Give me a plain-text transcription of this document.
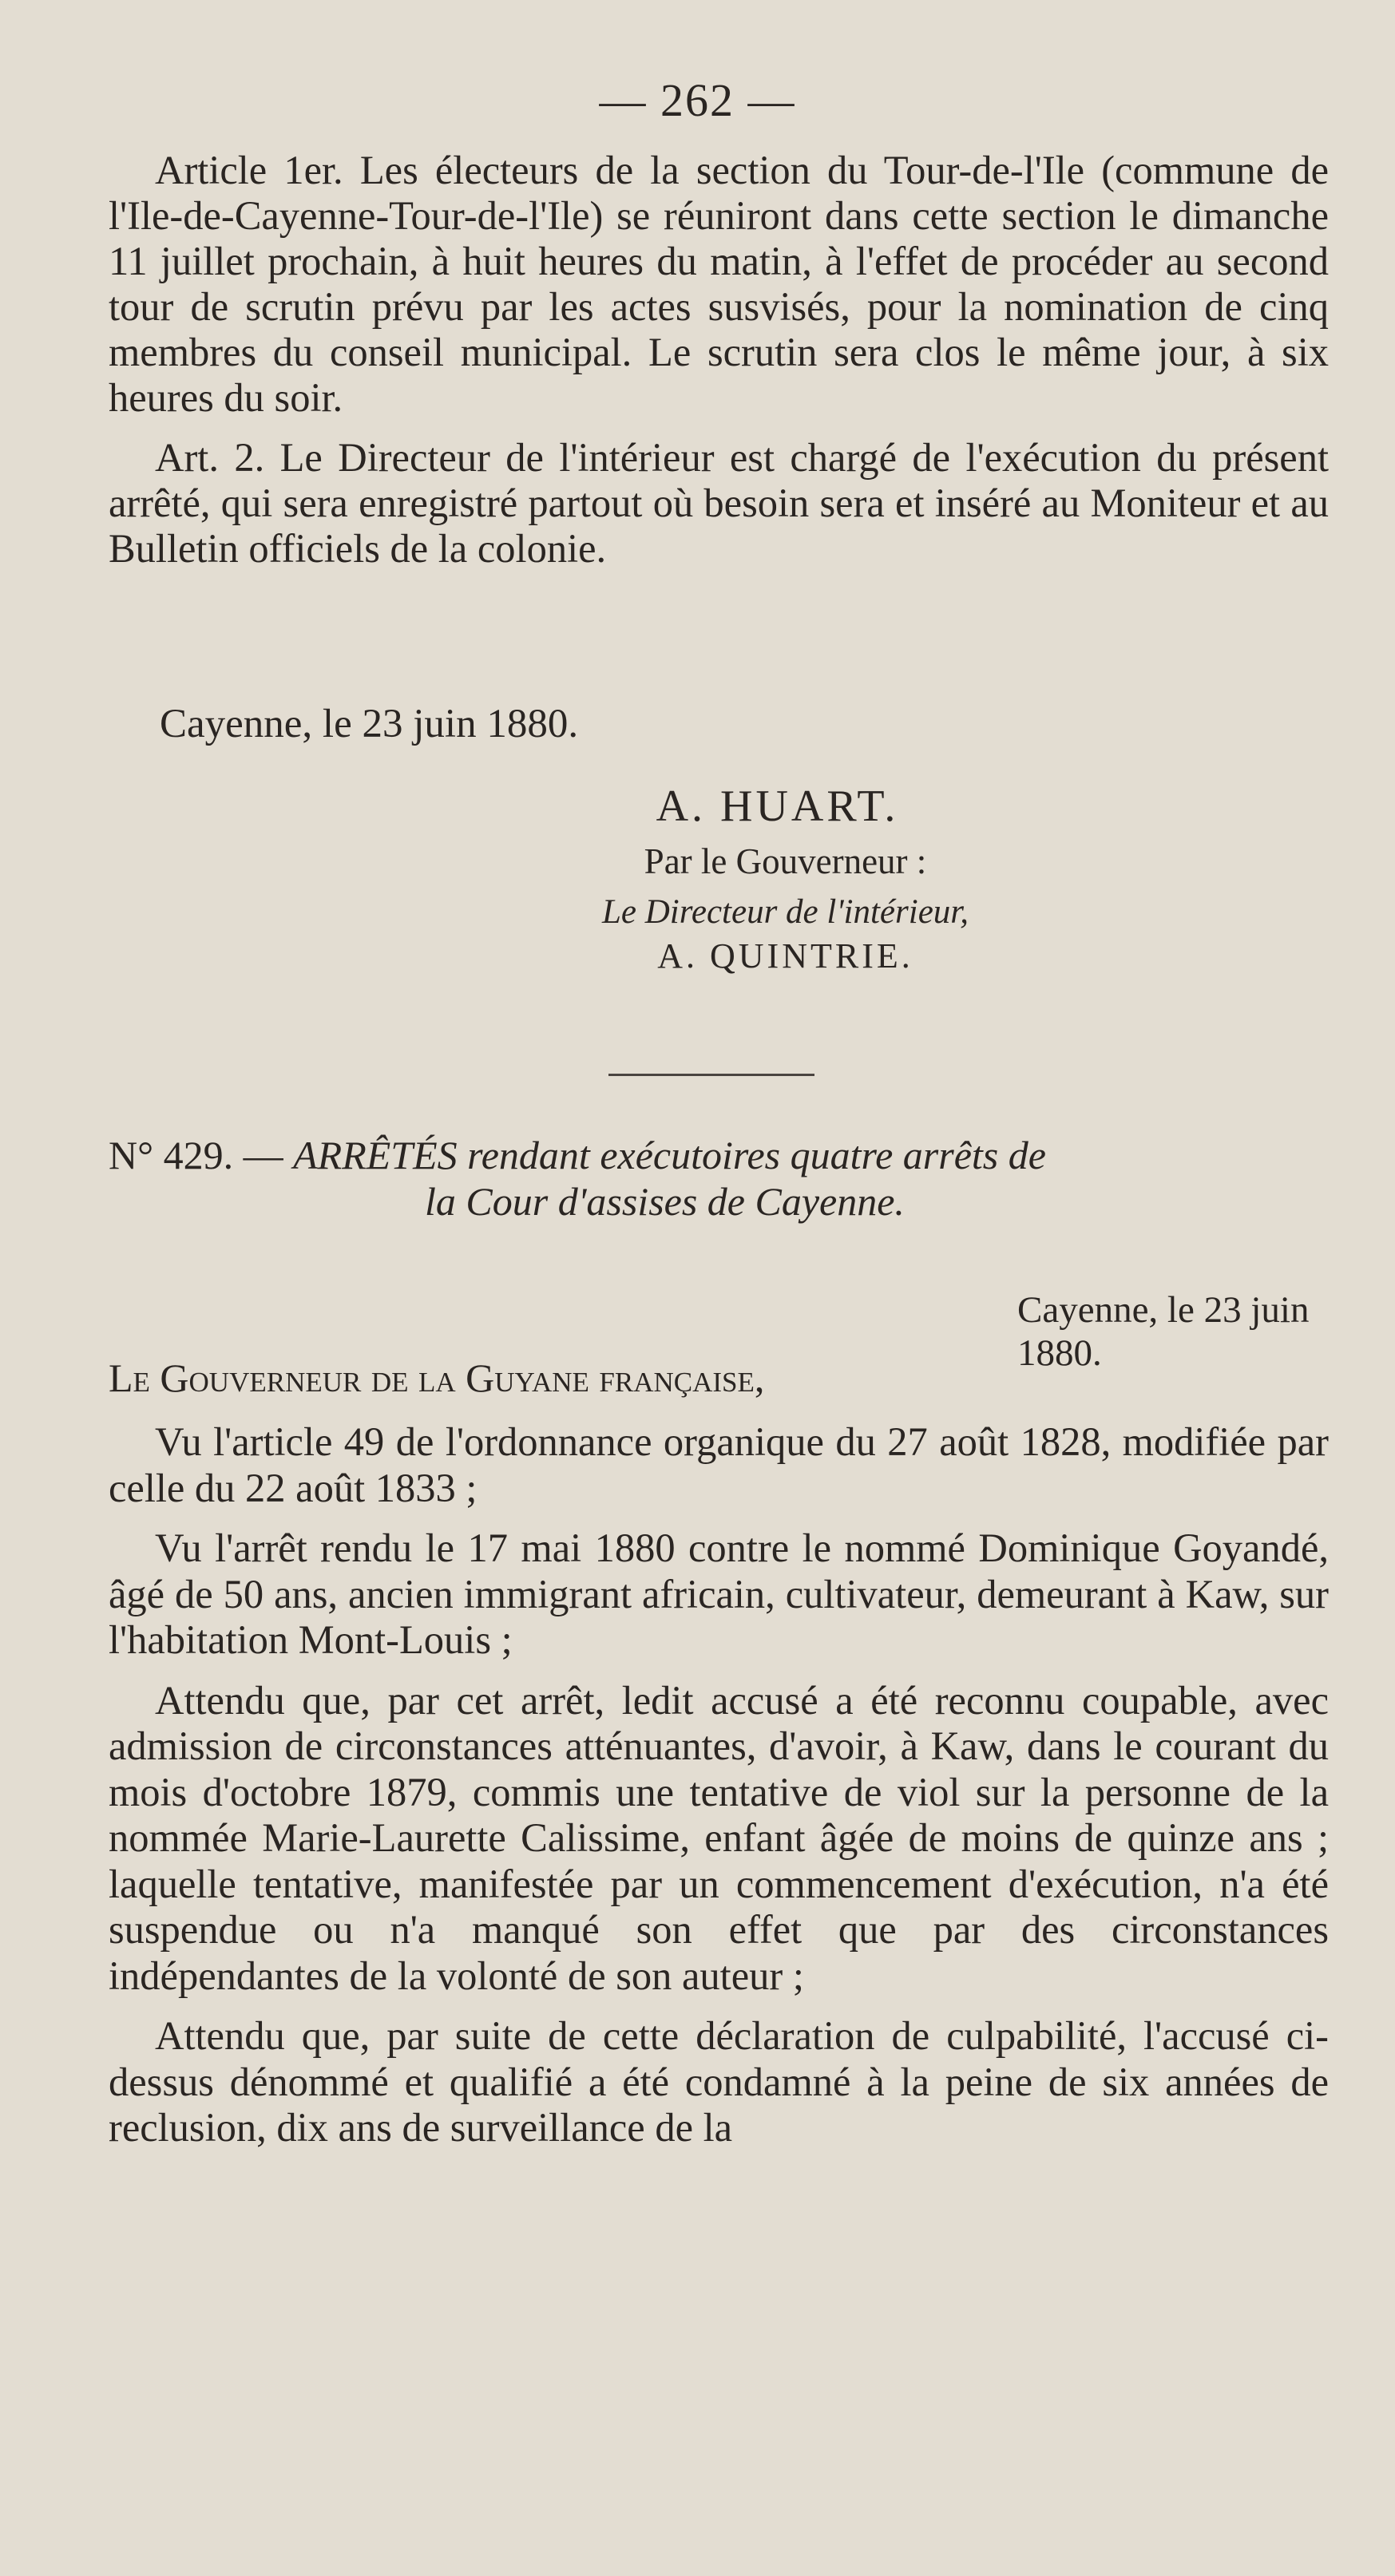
— 262 —

Article 1er. Les électeurs de la section du Tour-de-l'Ile (commune de l'Ile-de-Cayenne-Tour-de-l'Ile) se réuniront dans cette section le dimanche 11 juillet prochain, à huit heures du matin, à l'effet de procéder au second tour de scrutin prévu par les actes susvisés, pour la nomination de cinq membres du conseil municipal. Le scrutin sera clos le même jour, à six heures du soir.

Art. 2. Le Directeur de l'intérieur est chargé de l'exécution du présent arrêté, qui sera enregistré partout où besoin sera et inséré au Moniteur et au Bulletin officiels de la colonie.

Cayenne, le 23 juin 1880.
A. HUART.
Par le Gouverneur :
Le Directeur de l'intérieur,
A. QUINTRIE.
N° 429. — ARRÊTÉS rendant exécutoires quatre arrêts de
la Cour d'assises de Cayenne.
Cayenne, le 23 juin 1880.
Le Gouverneur de la Guyane française,

Vu l'article 49 de l'ordonnance organique du 27 août 1828, modifiée par celle du 22 août 1833 ;

Vu l'arrêt rendu le 17 mai 1880 contre le nommé Dominique Goyandé, âgé de 50 ans, ancien immigrant africain, cultivateur, demeurant à Kaw, sur l'habitation Mont-Louis ;

Attendu que, par cet arrêt, ledit accusé a été reconnu coupable, avec admission de circonstances atténuantes, d'avoir, à Kaw, dans le courant du mois d'octobre 1879, commis une tentative de viol sur la personne de la nommée Marie-Laurette Calissime, enfant âgée de moins de quinze ans ; laquelle tentative, manifestée par un commencement d'exécution, n'a été suspendue ou n'a manqué son effet que par des circonstances indépendantes de la volonté de son auteur ;

Attendu que, par suite de cette déclaration de culpabilité, l'accusé ci-dessus dénommé et qualifié a été condamné à la peine de six années de reclusion, dix ans de surveillance de la
